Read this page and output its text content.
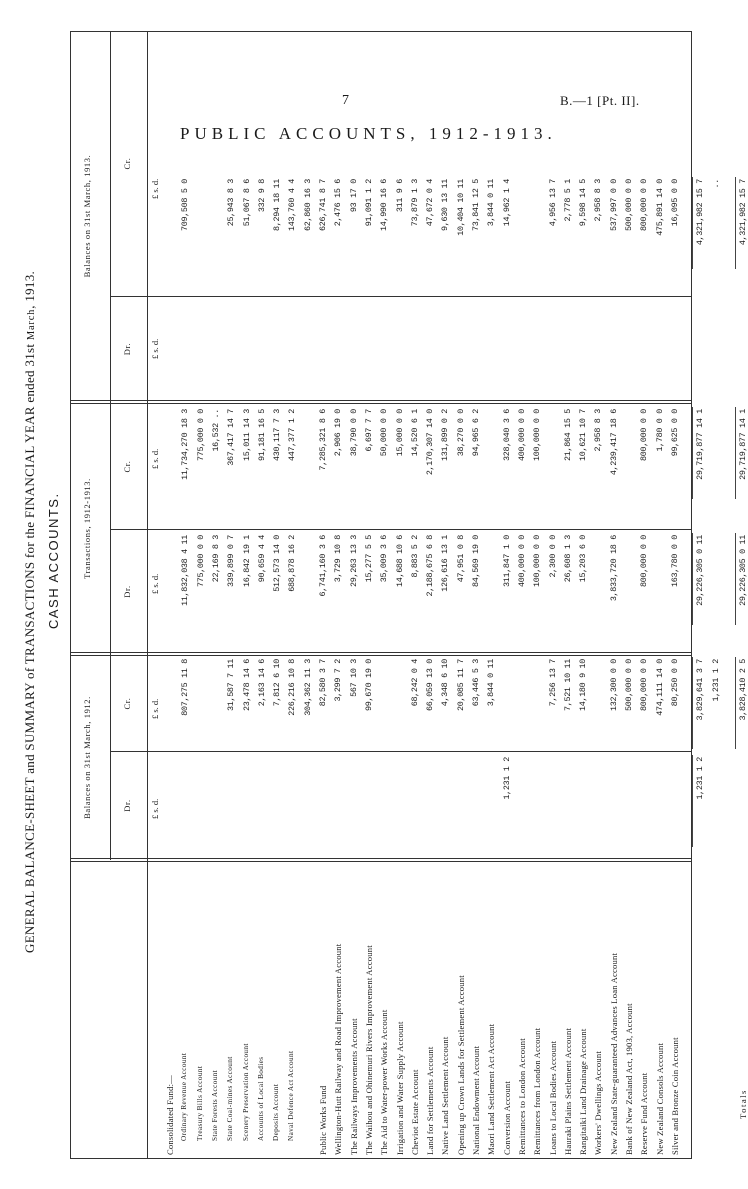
7	B.—1 [Pt. II].
PUBLIC ACCOUNTS, 1912-1913.
GENERAL BALANCE-SHEET and SUMMARY of TRANSACTIONS for the FINANCIAL YEAR ended 31st March, 1913.
CASH ACCOUNTS.
Balances on 31st March, 1912.
Transactions, 1912-1913.
Balances on 31st March, 1913.
Dr.
Cr.
Dr.
Cr.
Dr.
Cr.
£ s. d.
£ s. d.
£ s. d.
£ s. d.
£ s. d.
£ s. d.
Consolidated Fund:— Ordinary Revenue Account
807,275 11 8
11,832,038 4 11
11,734,270 18 3
709,508 5 0
Treasury Bills Account
775,000 0 0
775,000 0 0
State Forests Account
22,169 8 3
16,532 ..
State Coal-mines Account
31,587 7 11
339,899 0 7
367,417 14 7
25,943 8 3
Scenery Preservation Account
23,478 14 6
16,842 19 1
15,011 14 3
51,067 8 6
Accounts of Local Bodies
2,163 14 6
90,659 4 4
91,181 16 5
332 9 8
Deposits Account
7,812 6 10
512,573 14 0
430,117 7 3
8,294 18 11
Naval Defence Act Account
226,216 10 8
688,878 16 2
447,377 1 2
143,760 4 4
304,362 11 3
62,860 16 3
Public Works Fund
82,580 3 7
6,741,160 3 6
7,285,321 8 6
626,741 8 7
Wellington-Hutt Railway and Road Improvement Account
3,299 7 2
3,729 10 8
2,906 19 0
2,476 15 6
The Railways Improvements Account
567 10 3
29,263 13 3
38,790 0 0
93 17 0
The Waihou and Ohinemuri Rivers Improvement Account
99,670 19 0
15,277 5 5
6,697 7 7
91,091 1 2
The Aid to Water-power Works Account
35,009 3 6
50,000 0 0
14,990 16 6
Irrigation and Water Supply Account
14,688 10 6
15,000 0 0
311 9 6
Cheviot Estate Account
68,242 0 4
8,883 5 2
14,520 6 1
73,879 1 3
Land for Settlements Account
66,059 13 0
2,188,675 6 8
2,170,307 14 0
47,672 0 4
Native Land Settlement Account
4,348 6 10
126,616 13 1
131,899 0 2
9,630 13 11
Opening up Crown Lands for Settlement Account
20,085 11 7
47,951 0 8
38,270 0 0
10,404 10 11
National Endowment Account
63,446 5 3
84,569 19 0
94,965 6 2
73,841 12 5
Maori Land Settlement Act Account
3,844 0 11
3,844 0 11
Conversion Account
1,231 1 2
311,847 1 0
328,040 3 6
14,962 1 4
Remittances to London Account
400,000 0 0
400,000 0 0
Remittances from London Account
100,000 0 0
100,000 0 0
Loans to Local Bodies Account
7,256 13 7
2,300 0 0
4,956 13 7
Hauraki Plains Settlement Account
7,521 10 11
26,608 1 3
21,864 15 5
2,778 5 1
Rangitaiki Land Drainage Account
14,180 9 10
15,203 6 0
10,621 10 7
9,598 14 5
Workers' Dwellings Account
2,958 8 3
2,958 8 3
New Zealand State-guaranteed Advances Loan Account
132,300 0 0
3,833,720 18 6
4,239,417 18 6
537,997 0 0
Bank of New Zealand Act, 1903, Account
500,000 0 0
500,000 0 0
Reserve Fund Account
800,000 0 0
800,000 0 0
800,000 0 0
800,000 0 0
New Zealand Consols Account
474,111 14 0
1,780 0 0
475,891 14 0
Silver and Bronze Coin Account
80,250 0 0
163,780 0 0
99,625 0 0
16,095 0 0
1,231 1 2
3,829,641 3 7
29,226,305 0 11
29,719,877 14 1
4,321,982 15 7
1,231 1 2
..
Totals
3,828,410 2 5
29,226,305 0 11
29,719,877 14 1
4,321,982 15 7
